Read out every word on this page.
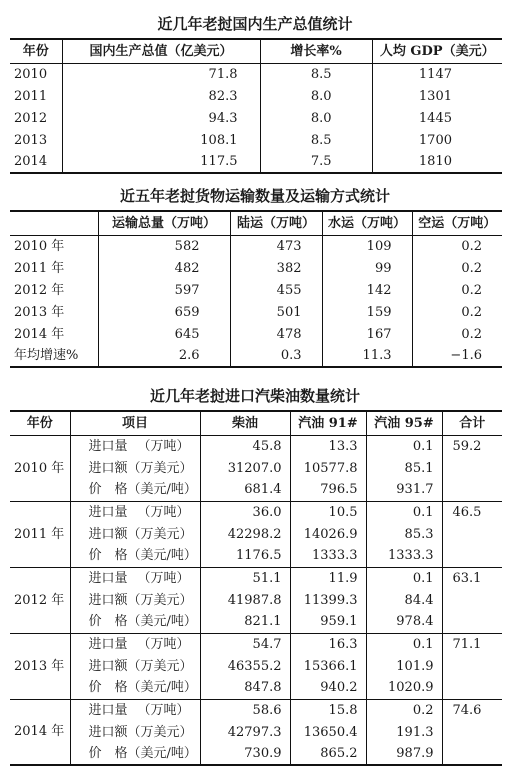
近几年老挝国内生产总值统计
年份	国内生产总值（亿美元）	增长率%	人均 GDP（美元）
2010	71.8	8.5	1147
2011	82.3	8.0	1301
2012	94.3	8.0	1445
2013	108.1	8.5	1700
2014	117.5	7.5	1810
近五年老挝货物运输数量及运输方式统计
	运输总量（万吨）	陆运（万吨）	水运（万吨）	空运（万吨）
2010 年	582	473	109	0.2
2011 年	482	382	99	0.2
2012 年	597	455	142	0.2
2013 年	659	501	159	0.2
2014 年	645	478	167	0.2
年均增速%	2.6	0.3	11.3	−1.6
近几年老挝进口汽柴油数量统计
年份	项目	柴油	汽油 91#	汽油 95#	合计
2010 年	进口量 （万吨）	45.8	13.3	0.1	59.2

	进口额 （万美元）	31207.0	10577.8	85.1	

	价　格 （美元/吨）	681.4	796.5	931.7	
2011 年	进口量 （万吨）	36.0	10.5	0.1	46.5

	进口额 （万美元）	42298.2	14026.9	85.3	

	价　格 （美元/吨）	1176.5	1333.3	1333.3	
2012 年	进口量 （万吨）	51.1	11.9	0.1	63.1

	进口额 （万美元）	41987.8	11399.3	84.4	

	价　格 （美元/吨）	821.1	959.1	978.4	
2013 年	进口量 （万吨）	54.7	16.3	0.1	71.1

	进口额 （万美元）	46355.2	15366.1	101.9	

	价　格 （美元/吨）	847.8	940.2	1020.9	
2014 年	进口量 （万吨）	58.6	15.8	0.2	74.6

	进口额 （万美元）	42797.3	13650.4	191.3	

	价　格 （美元/吨）	730.9	865.2	987.9	
